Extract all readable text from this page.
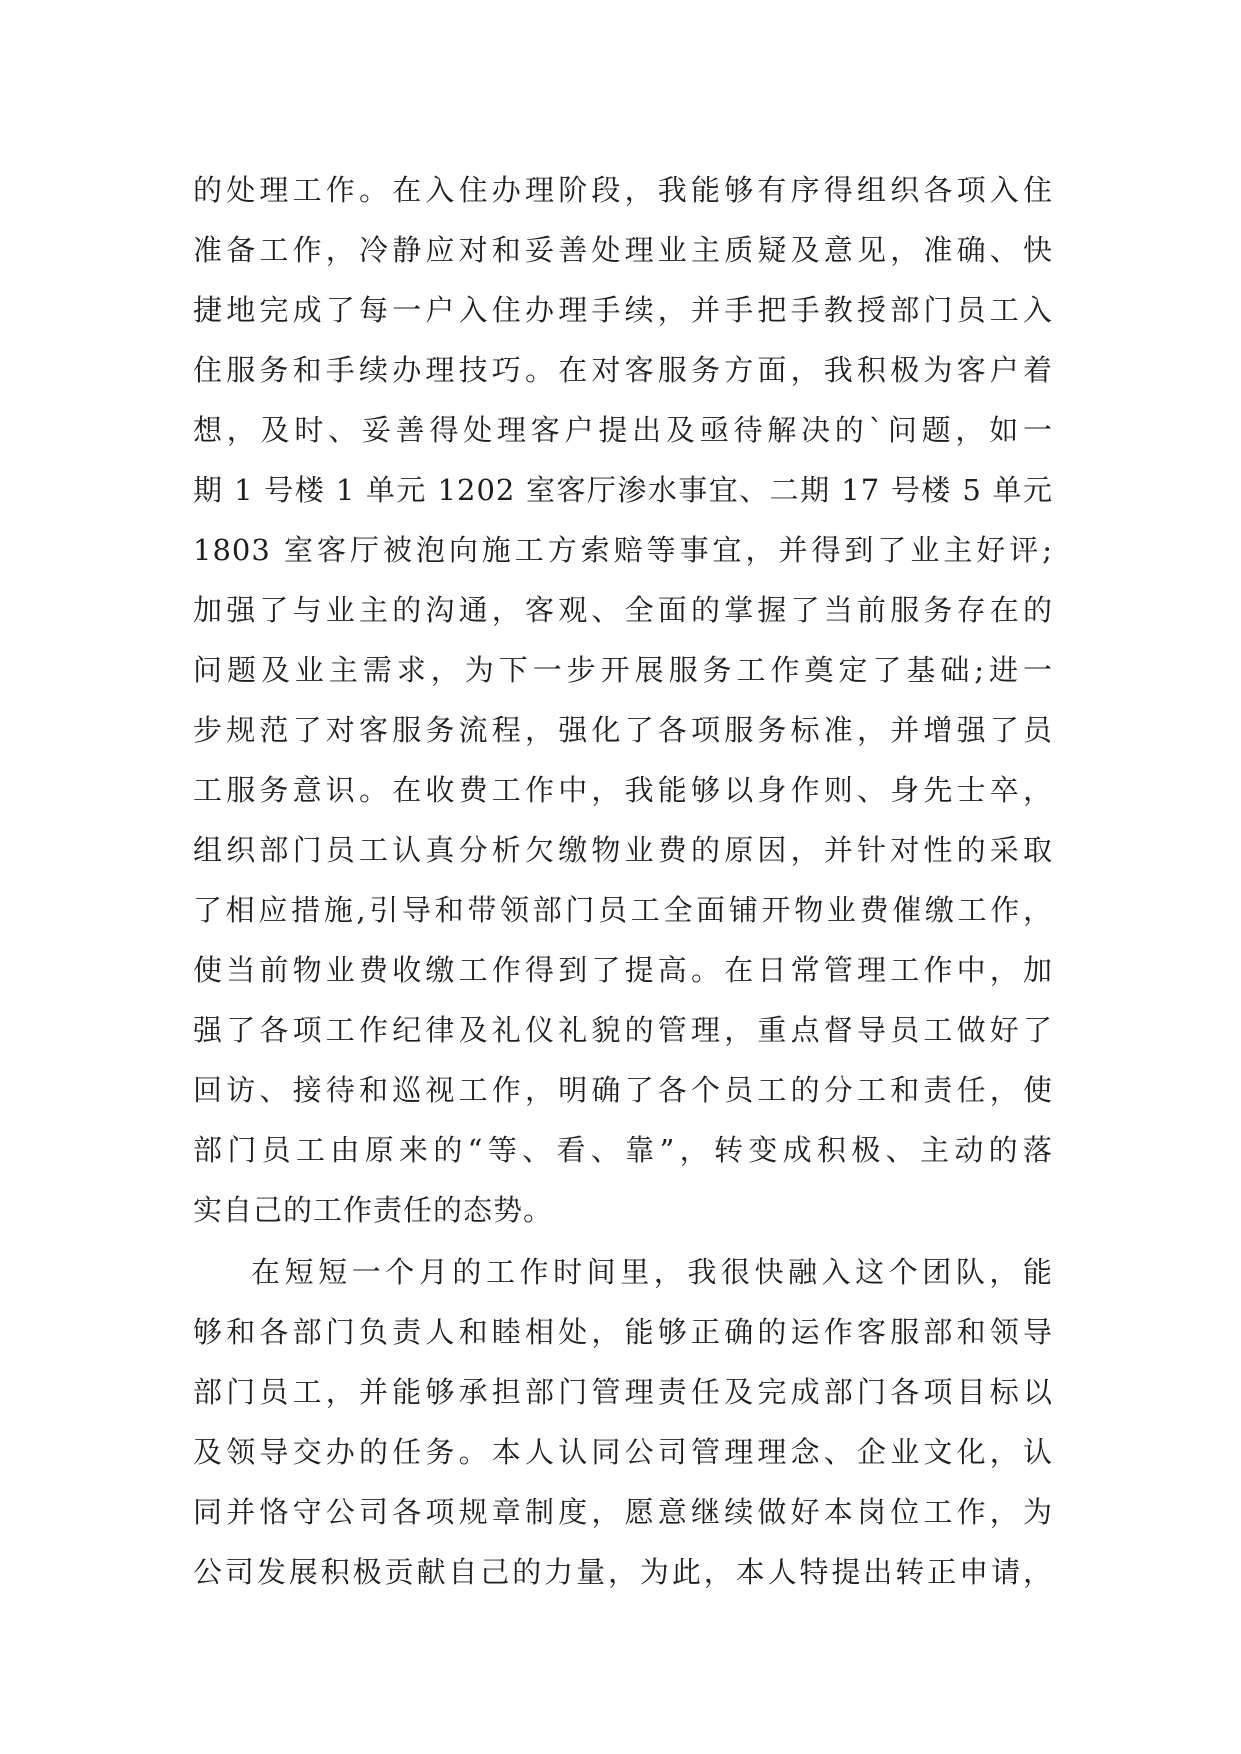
的处理工作。在入住办理阶段，我能够有序得组织各项入住
准备工作，冷静应对和妥善处理业主质疑及意见，准确、快
捷地完成了每一户入住办理手续，并手把手教授部门员工入
住服务和手续办理技巧。在对客服务方面，我积极为客户着
想，及时、妥善得处理客户提出及亟待解决的`问题，如一
期 1 号楼 1 单元 1202 室客厅渗水事宜、二期 17 号楼 5 单元
1803 室客厅被泡向施工方索赔等事宜，并得到了业主好评;
加强了与业主的沟通，客观、全面的掌握了当前服务存在的
问题及业主需求，为下一步开展服务工作奠定了基础;进一
步规范了对客服务流程，强化了各项服务标准，并增强了员
工服务意识。在收费工作中，我能够以身作则、身先士卒，
组织部门员工认真分析欠缴物业费的原因，并针对性的采取
了相应措施,引导和带领部门员工全面铺开物业费催缴工作，
使当前物业费收缴工作得到了提高。在日常管理工作中，加
强了各项工作纪律及礼仪礼貌的管理，重点督导员工做好了
回访、接待和巡视工作，明确了各个员工的分工和责任，使
部门员工由原来的“等、看、靠”，转变成积极、主动的落
实自己的工作责任的态势。
在短短一个月的工作时间里，我很快融入这个团队，能
够和各部门负责人和睦相处，能够正确的运作客服部和领导
部门员工，并能够承担部门管理责任及完成部门各项目标以
及领导交办的任务。本人认同公司管理理念、企业文化，认
同并恪守公司各项规章制度，愿意继续做好本岗位工作，为
公司发展积极贡献自己的力量，为此，本人特提出转正申请，
